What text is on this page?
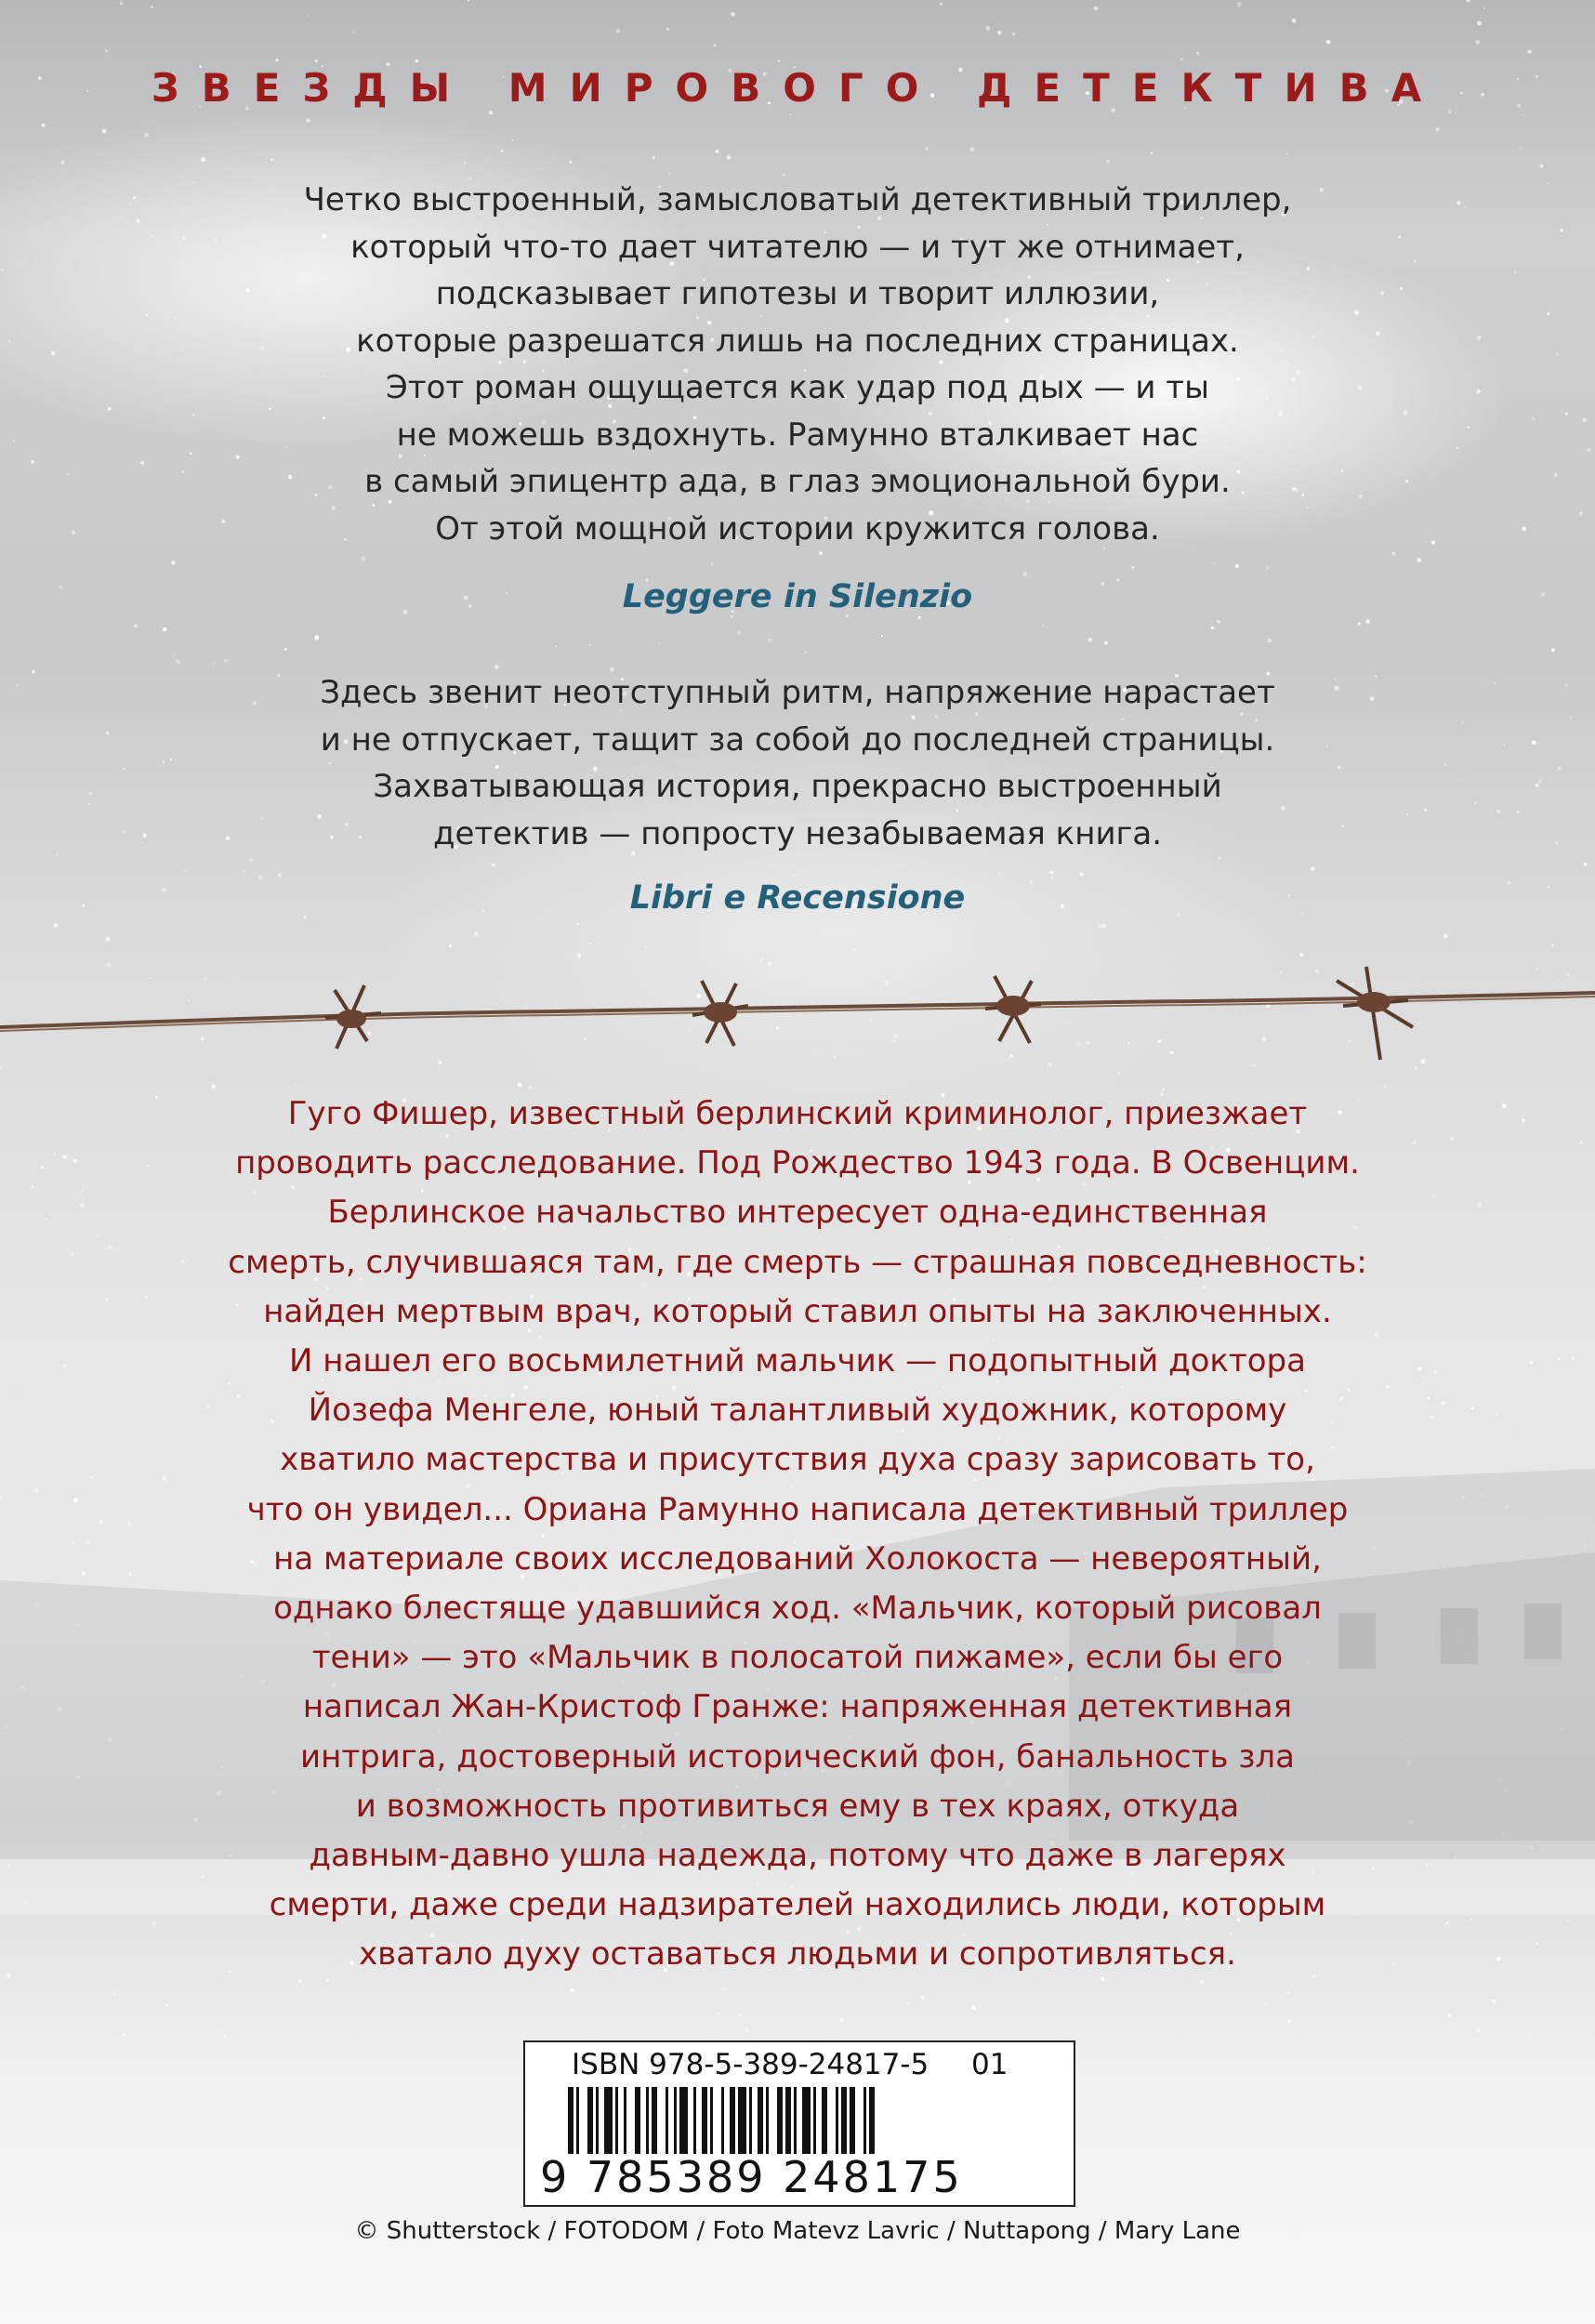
ЗВЕЗДЫ МИРОВОГО ДЕТЕКТИВА
Четко выстроенный, замысловатый детективный триллер,
который что-то дает читателю — и тут же отнимает,
подсказывает гипотезы и творит иллюзии,
которые разрешатся лишь на последних страницах.
Этот роман ощущается как удар под дых — и ты
не можешь вздохнуть. Рамунно вталкивает нас
в самый эпицентр ада, в глаз эмоциональной бури.
От этой мощной истории кружится голова.
Leggere in Silenzio
Здесь звенит неотступный ритм, напряжение нарастает
и не отпускает, тащит за собой до последней страницы.
Захватывающая история, прекрасно выстроенный
детектив — попросту незабываемая книга.
Libri e Recensione
Гуго Фишер, известный берлинский криминолог, приезжает
проводить расследование. Под Рождество 1943 года. В Освенцим.
Берлинское начальство интересует одна-единственная
смерть, случившаяся там, где смерть — страшная повседневность:
найден мертвым врач, который ставил опыты на заключенных.
И нашел его восьмилетний мальчик — подопытный доктора
Йозефа Менгеле, юный талантливый художник, которому
хватило мастерства и присутствия духа сразу зарисовать то,
что он увидел... Ориана Рамунно написала детективный триллер
на материале своих исследований Холокоста — невероятный,
однако блестяще удавшийся ход. «Мальчик, который рисовал
тени» — это «Мальчик в полосатой пижаме», если бы его
написал Жан-Кристоф Гранже: напряженная детективная
интрига, достоверный исторический фон, банальность зла
и возможность противиться ему в тех краях, откуда
давным-давно ушла надежда, потому что даже в лагерях
смерти, даже среди надзирателей находились люди, которым
хватало духу оставаться людьми и сопротивляться.
ISBN 978-5-389-24817-5 01
9 785389 248175
© Shutterstock / FOTODOM / Foto Matevz Lavric / Nuttapong / Mary Lane
